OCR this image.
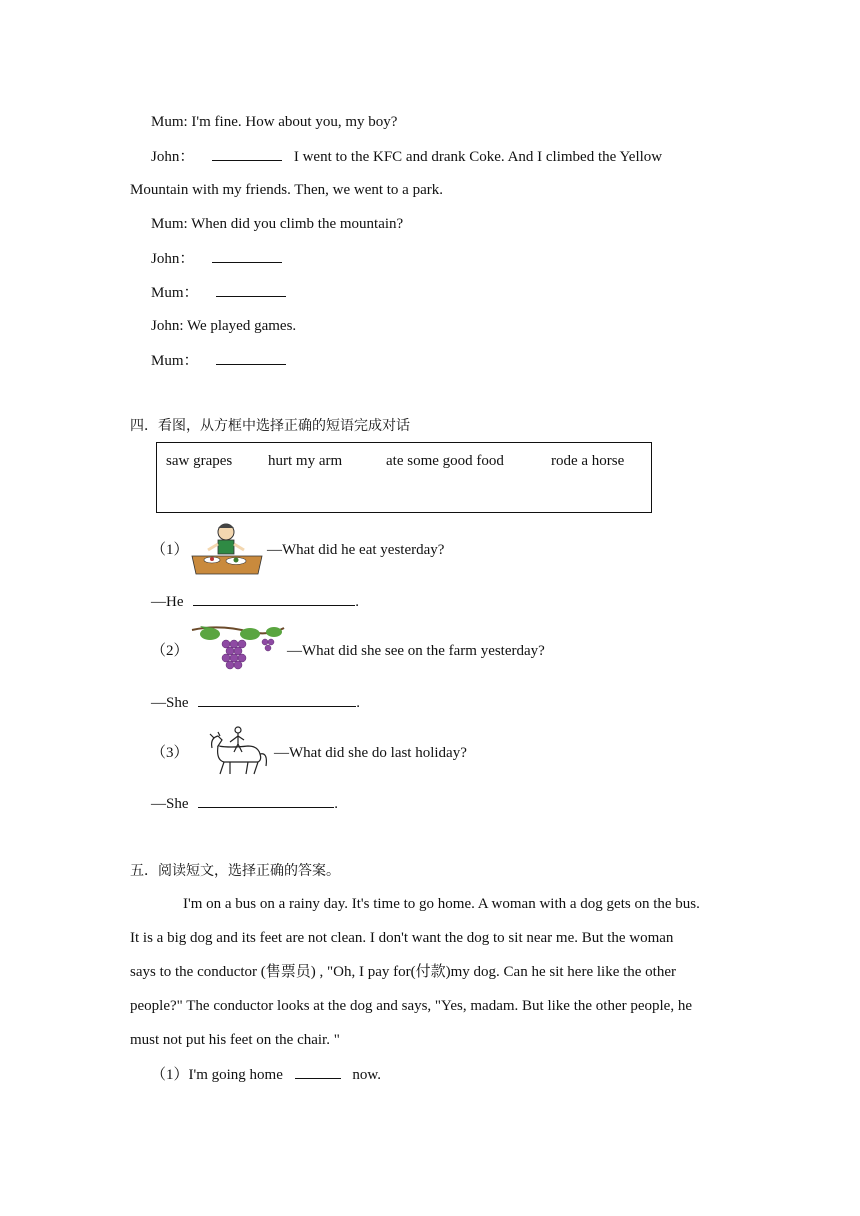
Mum: I'm fine. How about you, my boy?
John：	I went to the KFC and drank Coke. And I climbed the Yellow
Mountain with my friends. Then, we went to a park.
Mum: When did you climb the mountain?
John：
Mum：
John: We played games.
Mum：
四．看图，从方框中选择正确的短语完成对话
saw grapes hurt my arm	ate some good food	rode a horse
（1）	—What did he eat yesterday?
—He	.
（2）	—What did she see on the farm yesterday?
—She	.
（3）	—What did she do last holiday?
—She	.
五．阅读短文，选择正确的答案。
I'm on a bus on a rainy day. It's time to go home. A woman with a dog gets on the bus.
It is a big dog and its feet are not clean. I don't want the dog to sit near me. But the woman
says to the conductor (售票员) , "Oh, I pay for(付款)my dog. Can he sit here like the other
people?" The conductor looks at the dog and says, "Yes, madam. But like the other people, he
must not put his feet on the chair. "
（1）I'm going home	now.
